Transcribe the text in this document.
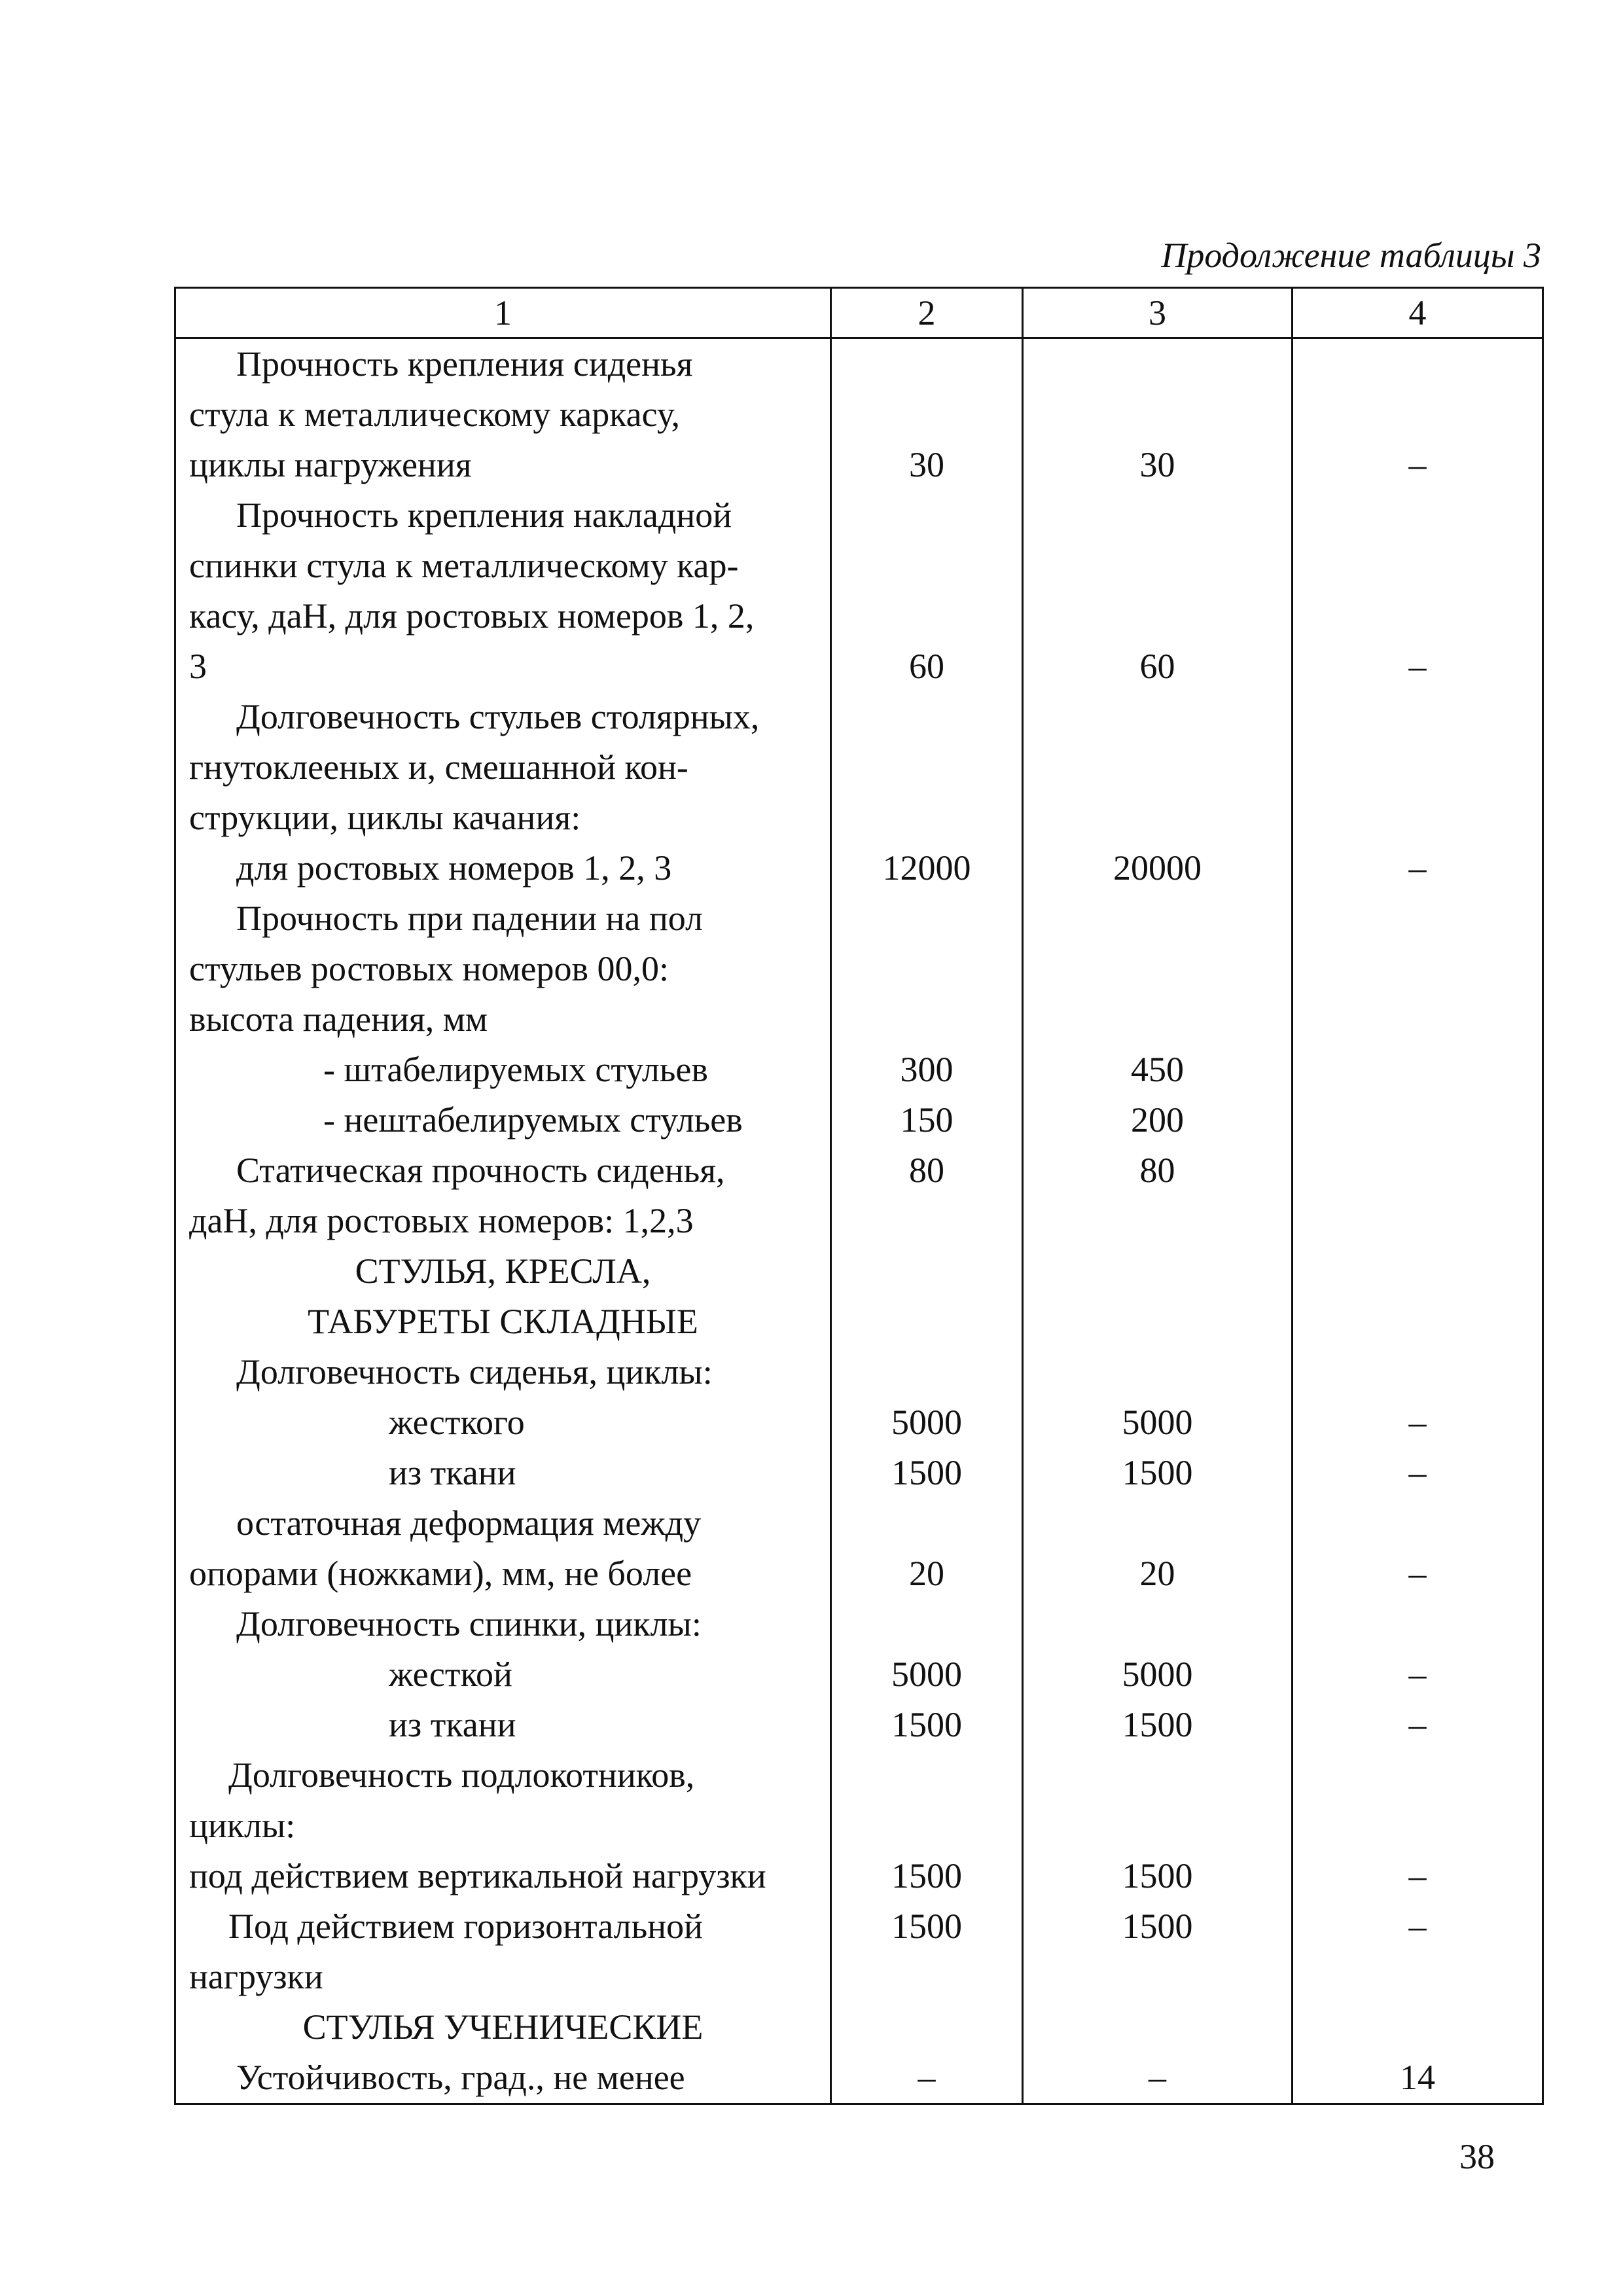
Продолжение таблицы 3
1	2	3	4

Прочность крепления сиденья
стула к металлическому каркасу,
циклы нагружения	30	30	–

Прочность крепления накладной
спинки стула к металлическому кар-
касу, даН, для ростовых номеров 1, 2,
3	60	60	–

Долговечность стульев столярных,
гнутоклееных и, смешанной кон-
струкции, циклы качания:			

для ростовых номеров 1, 2, 3	12000	20000	–

Прочность при падении на пол
стульев ростовых номеров 00,0:
высота падения, мм			

- штабелируемых стульев	300	450	
- нештабелируемых стульев	150	200	

Статическая прочность сиденья,
даН, для ростовых номеров: 1,2,3	80	80	

СТУЛЬЯ, КРЕСЛА,
ТАБУРЕТЫ СКЛАДНЫЕ			

Долговечность сиденья, циклы:			
жесткого	5000	5000	–
из ткани	1500	1500	–

остаточная деформация между
опорами (ножками), мм, не более	20	20	–
Долговечность спинки, циклы:			
жесткой	5000	5000	–
из ткани	1500	1500	–

Долговечность подлокотников,
циклы:			

под действием вертикальной нагрузки	1500	1500	–

Под действием горизонтальной
нагрузки	1500	1500	–
СТУЛЬЯ УЧЕНИЧЕСКИЕ			
Устойчивость, град., не менее	–	–	14
38
